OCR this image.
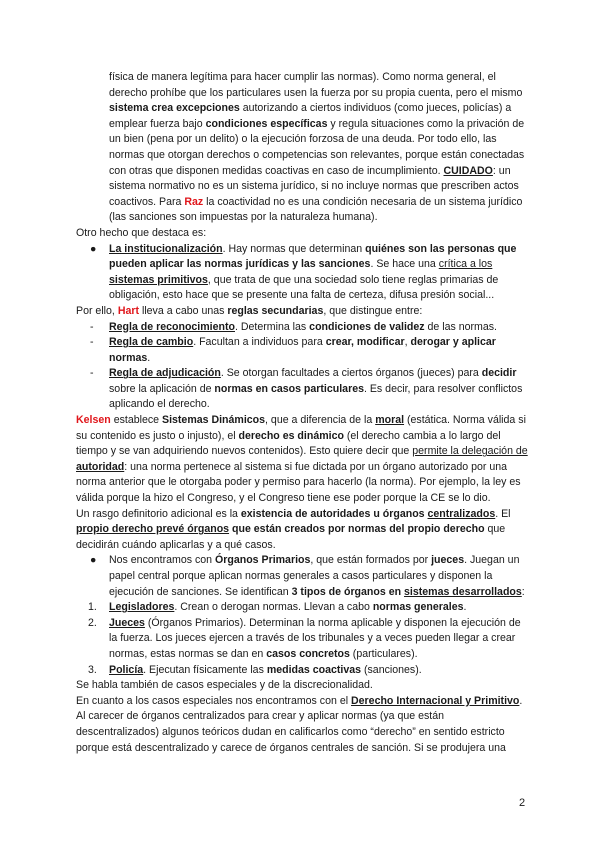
física de manera legítima para hacer cumplir las normas). Como norma general, el derecho prohíbe que los particulares usen la fuerza por su propia cuenta, pero el mismo sistema crea excepciones autorizando a ciertos individuos (como jueces, policías) a emplear fuerza bajo condiciones específicas y regula situaciones como la privación de un bien (pena por un delito) o la ejecución forzosa de una deuda. Por todo ello, las normas que otorgan derechos o competencias son relevantes, porque están conectadas con otras que disponen medidas coactivas en caso de incumplimiento. CUIDADO: un sistema normativo no es un sistema jurídico, si no incluye normas que prescriben actos coactivos. Para Raz la coactividad no es una condición necesaria de un sistema jurídico (las sanciones son impuestas por la naturaleza humana).

Otro hecho que destaca es:

● La institucionalización. Hay normas que determinan quiénes son las personas que pueden aplicar las normas jurídicas y las sanciones. Se hace una crítica a los sistemas primitivos, que trata de que una sociedad solo tiene reglas primarias de obligación, esto hace que se presente una falta de certeza, difusa presión social...

Por ello, Hart lleva a cabo unas reglas secundarias, que distingue entre:

- Regla de reconocimiento. Determina las condiciones de validez de las normas.
- Regla de cambio. Facultan a individuos para crear, modificar, derogar y aplicar normas.
- Regla de adjudicación. Se otorgan facultades a ciertos órganos (jueces) para decidir sobre la aplicación de normas en casos particulares. Es decir, para resolver conflictos aplicando el derecho.

Kelsen establece Sistemas Dinámicos, que a diferencia de la moral (estática. Norma válida si su contenido es justo o injusto), el derecho es dinámico (el derecho cambia a lo largo del tiempo y se van adquiriendo nuevos contenidos). Esto quiere decir que permite la delegación de autoridad: una norma pertenece al sistema si fue dictada por un órgano autorizado por una norma anterior que le otorgaba poder y permiso para hacerlo (la norma). Por ejemplo, la ley es válida porque la hizo el Congreso, y el Congreso tiene ese poder porque la CE se lo dio.

Un rasgo definitorio adicional es la existencia de autoridades u órganos centralizados. El propio derecho prevé órganos que están creados por normas del propio derecho que decidirán cuándo aplicarlas y a qué casos.

● Nos encontramos con Órganos Primarios, que están formados por jueces. Juegan un papel central porque aplican normas generales a casos particulares y disponen la ejecución de sanciones. Se identifican 3 tipos de órganos en sistemas desarrollados:
1. Legisladores. Crean o derogan normas. Llevan a cabo normas generales.
2. Jueces (Órganos Primarios). Determinan la norma aplicable y disponen la ejecución de la fuerza. Los jueces ejercen a través de los tribunales y a veces pueden llegar a crear normas, estas normas se dan en casos concretos (particulares).
3. Policía. Ejecutan físicamente las medidas coactivas (sanciones).

Se habla también de casos especiales y de la discrecionalidad.

En cuanto a los casos especiales nos encontramos con el Derecho Internacional y Primitivo. Al carecer de órganos centralizados para crear y aplicar normas (ya que están descentralizados) algunos teóricos dudan en calificarlos como “derecho” en sentido estricto porque está descentralizado y carece de órganos centrales de sanción. Si se produjera una

2
